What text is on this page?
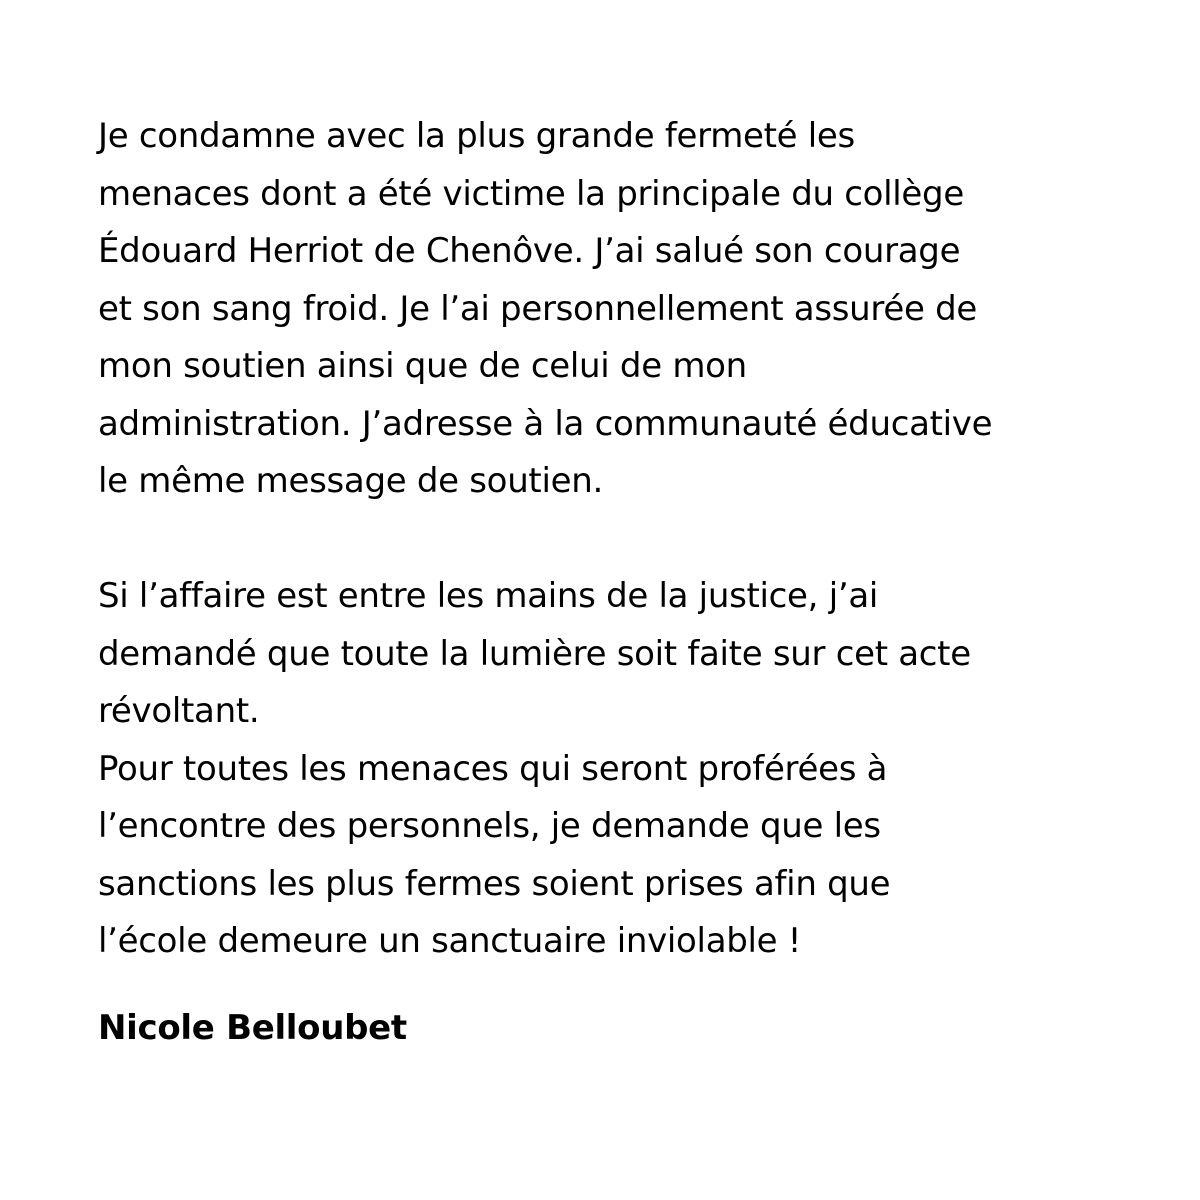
Je condamne avec la plus grande fermeté les
menaces dont a été victime la principale du collège
Édouard Herriot de Chenôve. J’ai salué son courage
et son sang froid. Je l’ai personnellement assurée de
mon soutien ainsi que de celui de mon
administration. J’adresse à la communauté éducative
le même message de soutien.
Si l’affaire est entre les mains de la justice, j’ai
demandé que toute la lumière soit faite sur cet acte
révoltant.
Pour toutes les menaces qui seront proférées à
l’encontre des personnels, je demande que les
sanctions les plus fermes soient prises afin que
l’école demeure un sanctuaire inviolable !
Nicole Belloubet
